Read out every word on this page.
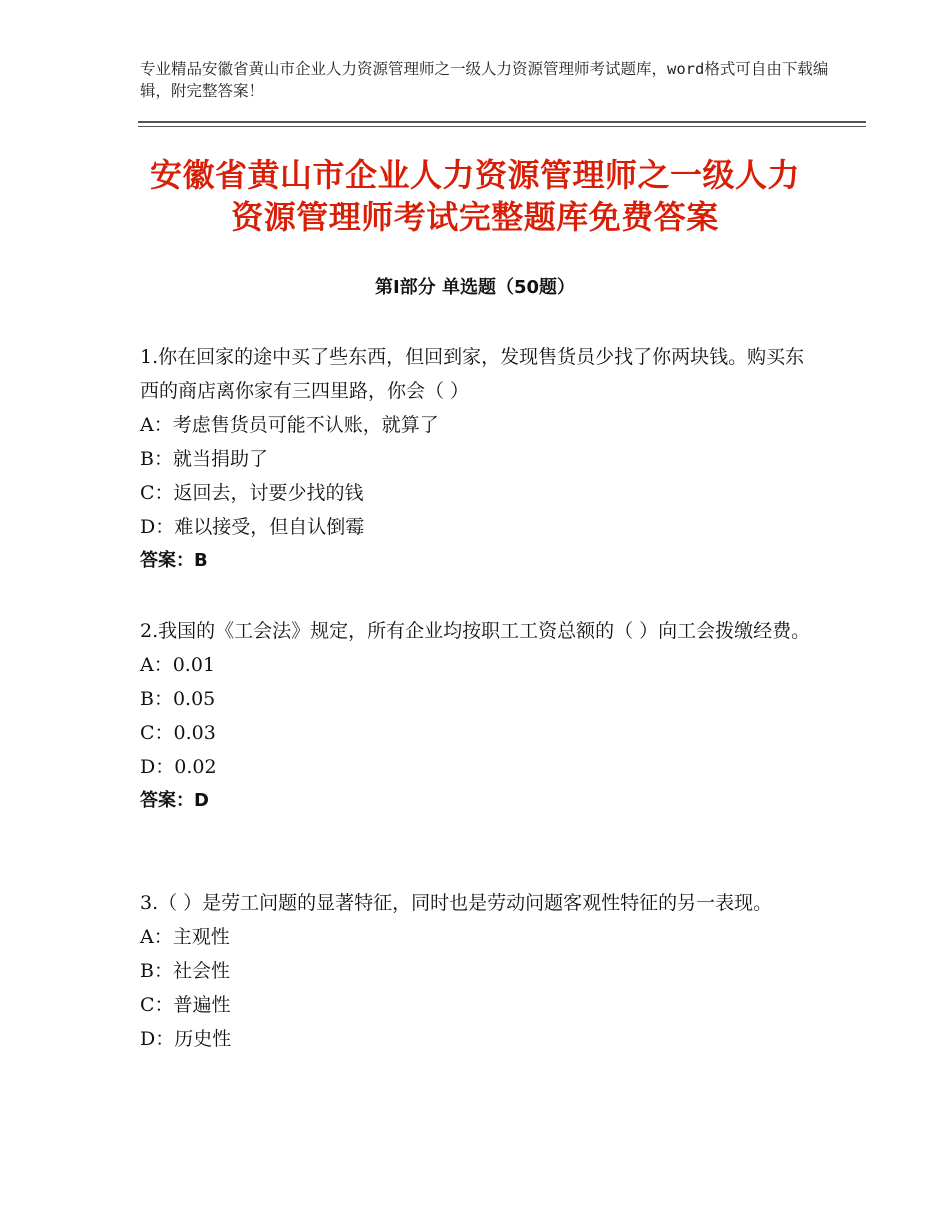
专业精品安徽省黄山市企业人力资源管理师之一级人力资源管理师考试题库，word格式可自由下载编辑，附完整答案！
安徽省黄山市企业人力资源管理师之一级人力资源管理师考试完整题库免费答案
第Ⅰ部分 单选题（50题）

1.你在回家的途中买了些东西，但回到家，发现售货员少找了你两块钱。购买东西的商店离你家有三四里路，你会（ ）

A：考虑售货员可能不认账，就算了

B：就当捐助了

C：返回去，讨要少找的钱

D：难以接受，但自认倒霉

答案：B

2.我国的《工会法》规定，所有企业均按职工工资总额的（ ）向工会拨缴经费。

A：0.01

B：0.05

C：0.03

D：0.02

答案：D

3.（ ）是劳工问题的显著特征，同时也是劳动问题客观性特征的另一表现。

A：主观性

B：社会性

C：普遍性

D：历史性
